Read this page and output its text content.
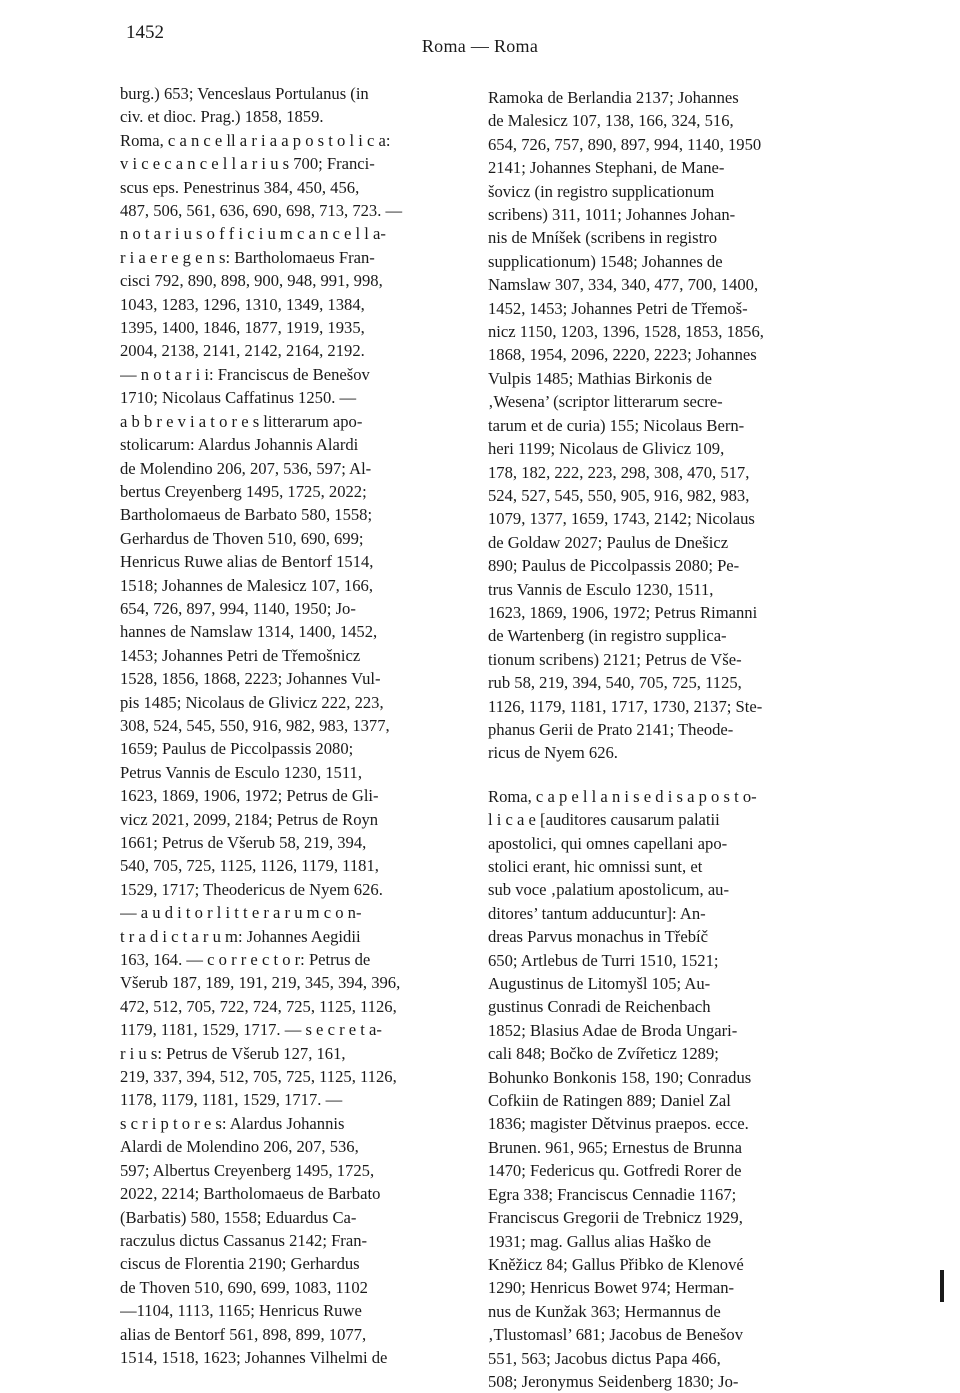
1452
Roma — Roma
burg.) 653; Venceslaus Portulanus (in
civ. et dioc. Prag.) 1858, 1859.
Roma, c a n c e ll a r i a a p o s t o l i c a:
v i c e c a n c e l l a r i u s 700; Franci-
scus eps. Penestrinus 384, 450, 456,
487, 506, 561, 636, 690, 698, 713, 723. —
n o t a r i u s o f f i c i u m c a n c e l l a-
r i a e r e g e n s: Bartholomaeus Fran-
cisci 792, 890, 898, 900, 948, 991, 998,
1043, 1283, 1296, 1310, 1349, 1384,
1395, 1400, 1846, 1877, 1919, 1935,
2004, 2138, 2141, 2142, 2164, 2192.
— n o t a r i i: Franciscus de Benešov
1710; Nicolaus Caffatinus 1250. —
a b b r e v i a t o r e s litterarum apo-
stolicarum: Alardus Johannis Alardi
de Molendino 206, 207, 536, 597; Al-
bertus Creyenberg 1495, 1725, 2022;
Bartholomaeus de Barbato 580, 1558;
Gerhardus de Thoven 510, 690, 699;
Henricus Ruwe alias de Bentorf 1514,
1518; Johannes de Malesicz 107, 166,
654, 726, 897, 994, 1140, 1950; Jo-
hannes de Namslaw 1314, 1400, 1452,
1453; Johannes Petri de Třemošnicz
1528, 1856, 1868, 2223; Johannes Vul-
pis 1485; Nicolaus de Glivicz 222, 223,
308, 524, 545, 550, 916, 982, 983, 1377,
1659; Paulus de Piccolpassis 2080;
Petrus Vannis de Esculo 1230, 1511,
1623, 1869, 1906, 1972; Petrus de Gli-
vicz 2021, 2099, 2184; Petrus de Royn
1661; Petrus de Všerub 58, 219, 394,
540, 705, 725, 1125, 1126, 1179, 1181,
1529, 1717; Theodericus de Nyem 626.
— a u d i t o r l i t t e r a r u m c o n-
t r a d i c t a r u m: Johannes Aegidii
163, 164. — c o r r e c t o r: Petrus de
Všerub 187, 189, 191, 219, 345, 394, 396,
472, 512, 705, 722, 724, 725, 1125, 1126,
1179, 1181, 1529, 1717. — s e c r e t a-
r i u s: Petrus de Všerub 127, 161,
219, 337, 394, 512, 705, 725, 1125, 1126,
1178, 1179, 1181, 1529, 1717. —
s c r i p t o r e s: Alardus Johannis
Alardi de Molendino 206, 207, 536,
597; Albertus Creyenberg 1495, 1725,
2022, 2214; Bartholomaeus de Barbato
(Barbatis) 580, 1558; Eduardus Ca-
raczulus dictus Cassanus 2142; Fran-
ciscus de Florentia 2190; Gerhardus
de Thoven 510, 690, 699, 1083, 1102
—1104, 1113, 1165; Henricus Ruwe
alias de Bentorf 561, 898, 899, 1077,
1514, 1518, 1623; Johannes Vilhelmi de
Ramoka de Berlandia 2137; Johannes
de Malesicz 107, 138, 166, 324, 516,
654, 726, 757, 890, 897, 994, 1140, 1950
2141; Johannes Stephani, de Mane-
šovicz (in registro supplicationum
scribens) 311, 1011; Johannes Johan-
nis de Mníšek (scribens in registro
supplicationum) 1548; Johannes de
Namslaw 307, 334, 340, 477, 700, 1400,
1452, 1453; Johannes Petri de Třemoš-
nicz 1150, 1203, 1396, 1528, 1853, 1856,
1868, 1954, 2096, 2220, 2223; Johannes
Vulpis 1485; Mathias Birkonis de
‚Wesena’ (scriptor litterarum secre-
tarum et de curia) 155; Nicolaus Bern-
heri 1199; Nicolaus de Glivicz 109,
178, 182, 222, 223, 298, 308, 470, 517,
524, 527, 545, 550, 905, 916, 982, 983,
1079, 1377, 1659, 1743, 2142; Nicolaus
de Goldaw 2027; Paulus de Dnešicz
890; Paulus de Piccolpassis 2080; Pe-
trus Vannis de Esculo 1230, 1511,
1623, 1869, 1906, 1972; Petrus Rimanni
de Wartenberg (in registro supplica-
tionum scribens) 2121; Petrus de Vše-
rub 58, 219, 394, 540, 705, 725, 1125,
1126, 1179, 1181, 1717, 1730, 2137; Ste-
phanus Gerii de Prato 2141; Theode-
ricus de Nyem 626.
Roma, c a p e l l a n i s e d i s a p o s t o-
l i c a e [auditores causarum palatii
apostolici, qui omnes capellani apo-
stolici erant, hic omnissi sunt, et
sub voce ‚palatium apostolicum, au-
ditores’ tantum adducuntur]: An-
dreas Parvus monachus in Třebíč
650; Artlebus de Turri 1510, 1521;
Augustinus de Litomyšl 105; Au-
gustinus Conradi de Reichenbach
1852; Blasius Adae de Broda Ungari-
cali 848; Bočko de Zvířeticz 1289;
Bohunko Bonkonis 158, 190; Conradus
Cofkiin de Ratingen 889; Daniel Zal
1836; magister Dětvinus praepos. ecce.
Brunen. 961, 965; Ernestus de Brunna
1470; Federicus qu. Gotfredi Rorer de
Egra 338; Franciscus Cennadie 1167;
Franciscus Gregorii de Trebnicz 1929,
1931; mag. Gallus alias Haško de
Kněžicz 84; Gallus Přibko de Klenové
1290; Henricus Bowet 974; Herman-
nus de Kunžak 363; Hermannus de
‚Tlustomasl’ 681; Jacobus de Benešov
551, 563; Jacobus dictus Papa 466,
508; Jeronymus Seidenberg 1830; Jo-
